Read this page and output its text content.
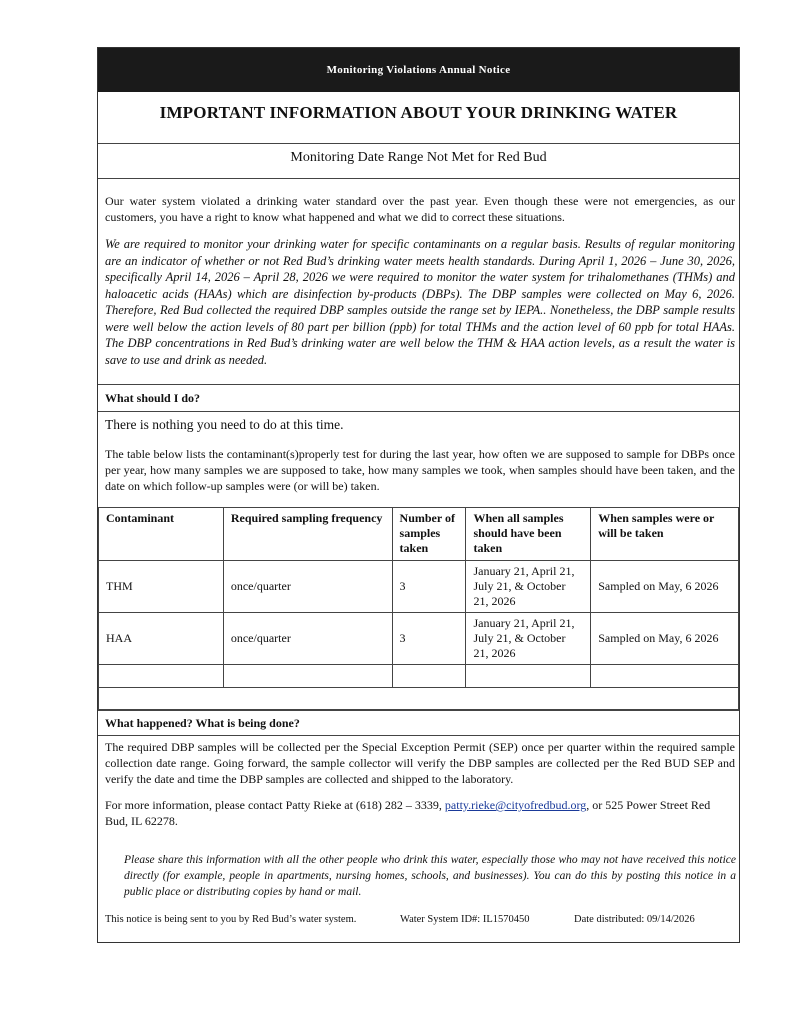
Monitoring Violations Annual Notice
IMPORTANT INFORMATION ABOUT YOUR DRINKING WATER
Monitoring Date Range Not Met for Red Bud
Our water system violated a drinking water standard over the past year. Even though these were not emergencies, as our customers, you have a right to know what happened and what we did to correct these situations.
We are required to monitor your drinking water for specific contaminants on a regular basis. Results of regular monitoring are an indicator of whether or not Red Bud’s drinking water meets health standards. During April 1, 2026 – June 30, 2026, specifically April 14, 2026 – April 28, 2026 we were required to monitor the water system for trihalomethanes (THMs) and haloacetic acids (HAAs) which are disinfection by-products (DBPs). The DBP samples were collected on May 6, 2026. Therefore, Red Bud collected the required DBP samples outside the range set by IEPA.. Nonetheless, the DBP sample results were well below the action levels of 80 part per billion (ppb) for total THMs and the action level of 60 ppb for total HAAs. The DBP concentrations in Red Bud’s drinking water are well below the THM & HAA action levels, as a result the water is save to use and drink as needed.
What should I do?
There is nothing you need to do at this time.
The table below lists the contaminant(s)properly test for during the last year, how often we are supposed to sample for DBPs once per year, how many samples we are supposed to take, how many samples we took, when samples should have been taken, and the date on which follow-up samples were (or will be) taken.
Contaminant	Required sampling frequency	Number of samples taken	When all samples should have been taken	When samples were or will be taken
THM	once/quarter	3	January 21, April 21, July 21, & October 21, 2026	Sampled on May, 6 2026
HAA	once/quarter	3	January 21, April 21, July 21, & October 21, 2026	Sampled on May, 6 2026

What happened? What is being done?
The required DBP samples will be collected per the Special Exception Permit (SEP) once per quarter within the required sample collection date range. Going forward, the sample collector will verify the DBP samples are collected per the Red BUD SEP and verify the date and time the DBP samples are collected and shipped to the laboratory.
For more information, please contact Patty Rieke at (618) 282 – 3339, patty.rieke@cityofredbud.org, or 525 Power Street Red Bud, IL 62278.
Please share this information with all the other people who drink this water, especially those who may not have received this notice directly (for example, people in apartments, nursing homes, schools, and businesses). You can do this by posting this notice in a public place or distributing copies by hand or mail.
This notice is being sent to you by Red Bud’s water system.	Water System ID#: IL1570450	Date distributed: 09/14/2026
